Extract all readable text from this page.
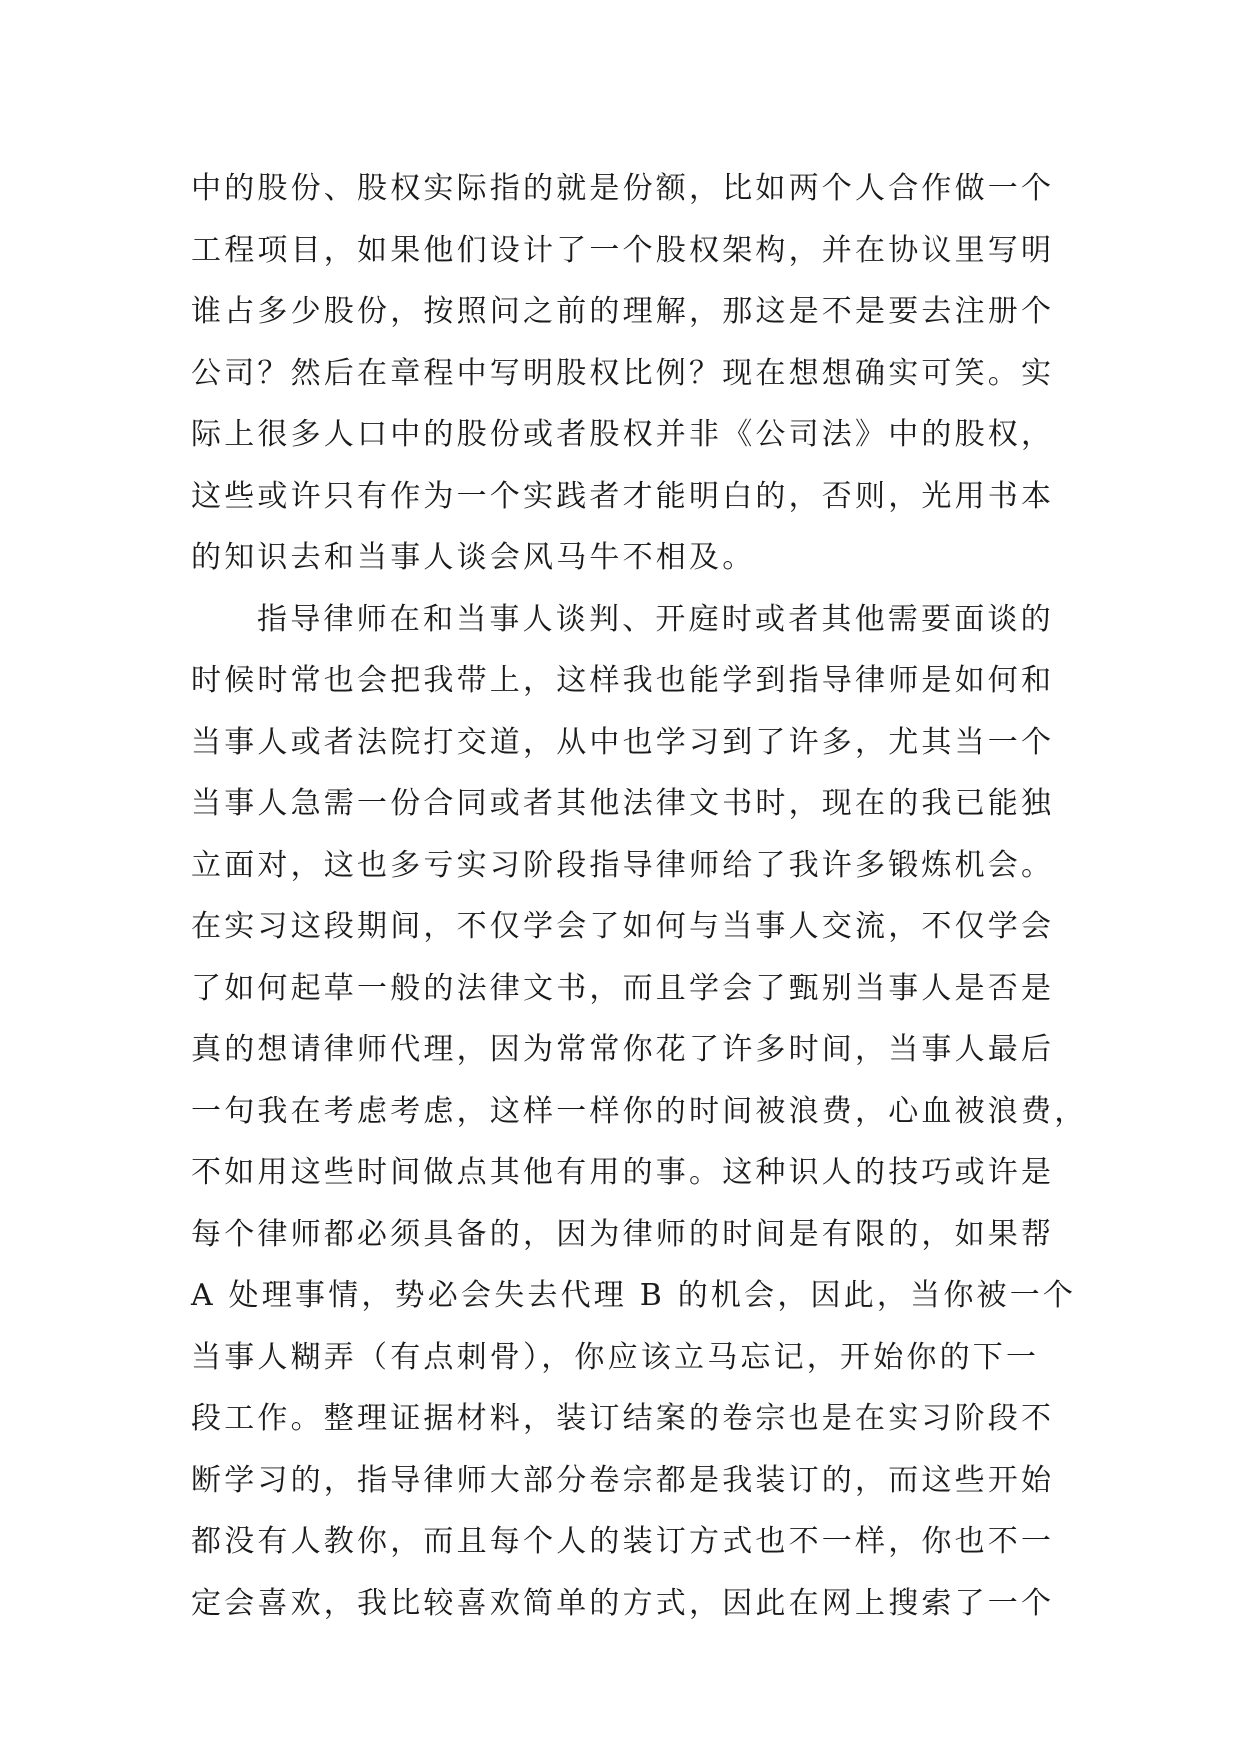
中的股份、股权实际指的就是份额，比如两个人合作做一个
工程项目，如果他们设计了一个股权架构，并在协议里写明
谁占多少股份，按照问之前的理解，那这是不是要去注册个
公司？然后在章程中写明股权比例？现在想想确实可笑。实
际上很多人口中的股份或者股权并非《公司法》中的股权，
这些或许只有作为一个实践者才能明白的，否则，光用书本
的知识去和当事人谈会风马牛不相及。
指导律师在和当事人谈判、开庭时或者其他需要面谈的
时候时常也会把我带上，这样我也能学到指导律师是如何和
当事人或者法院打交道，从中也学习到了许多，尤其当一个
当事人急需一份合同或者其他法律文书时，现在的我已能独
立面对，这也多亏实习阶段指导律师给了我许多锻炼机会。
在实习这段期间，不仅学会了如何与当事人交流，不仅学会
了如何起草一般的法律文书，而且学会了甄别当事人是否是
真的想请律师代理，因为常常你花了许多时间，当事人最后
一句我在考虑考虑，这样一样你的时间被浪费，心血被浪费，
不如用这些时间做点其他有用的事。这种识人的技巧或许是
每个律师都必须具备的，因为律师的时间是有限的，如果帮
A 处理事情，势必会失去代理 B 的机会，因此，当你被一个
当事人糊弄（有点刺骨），你应该立马忘记，开始你的下一
段工作。整理证据材料，装订结案的卷宗也是在实习阶段不
断学习的，指导律师大部分卷宗都是我装订的，而这些开始
都没有人教你，而且每个人的装订方式也不一样，你也不一
定会喜欢，我比较喜欢简单的方式，因此在网上搜索了一个
